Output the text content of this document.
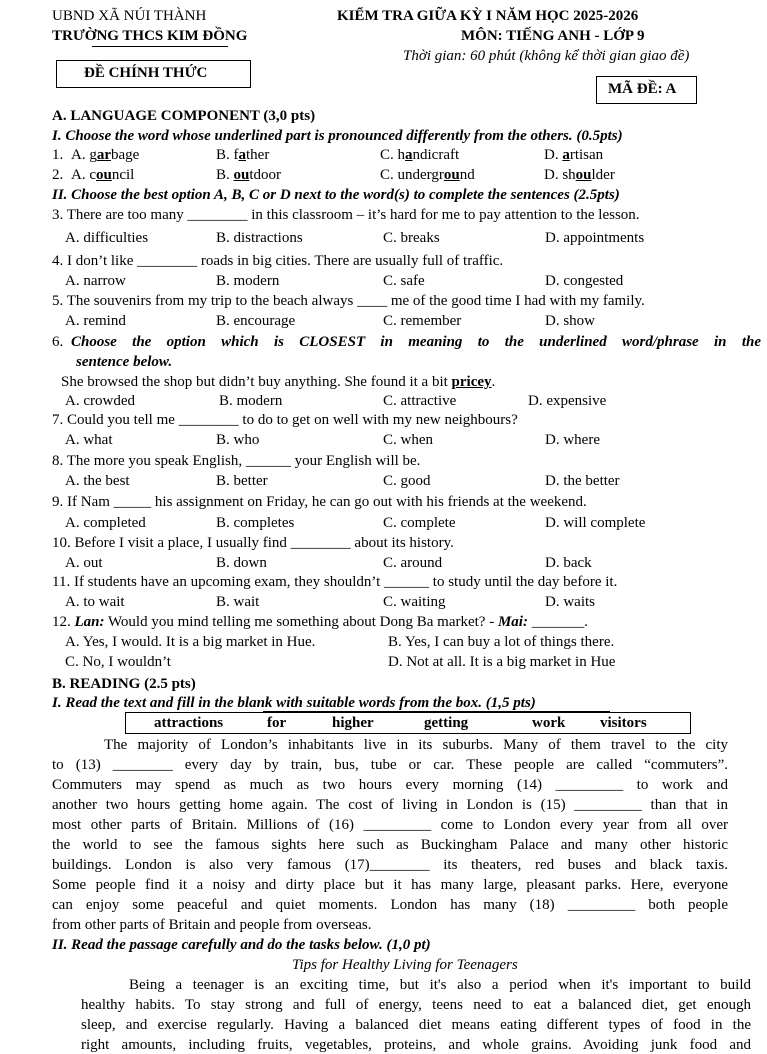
UBND XÃ NÚI THÀNH
TRƯỜNG THCS KIM ĐỒNG
KIỂM TRA GIỮA KỲ I NĂM HỌC 2025-2026
MÔN: TIẾNG ANH - LỚP 9
Thời gian: 60 phút (không kể thời gian giao đề)
ĐỀ CHÍNH THỨC
MÃ ĐỀ: A
A. LANGUAGE COMPONENT (3,0 pts)
I. Choose the word whose underlined part is pronounced differently from the others. (0.5pts)
1. A. garbage	B. father	C. handicraft	D. artisan
2. A. council	B. outdoor	C. underground	D. shoulder
II. Choose the best option A, B, C or D next to the word(s) to complete the sentences (2.5pts)
3. There are too many ________ in this classroom – it’s hard for me to pay attention to the lesson.
A. difficulties	B. distractions	C. breaks	D. appointments
4. I don’t like ________ roads in big cities. There are usually full of traffic.
A. narrow	B. modern	C. safe	D. congested
5. The souvenirs from my trip to the beach always ____ me of the good time I had with my family.
A. remind	B. encourage	C. remember	D. show
6. Choose the option which is CLOSEST in meaning to the underlined word/phrase in the
sentence below.
She browsed the shop but didn’t buy anything. She found it a bit pricey.
A. crowded	B. modern	C. attractive	D. expensive
7. Could you tell me ________ to do to get on well with my new neighbours?
A. what	B. who	C. when	D. where
8. The more you speak English, ______ your English will be.
A. the best	B. better	C. good	D. the better
9. If Nam _____ his assignment on Friday, he can go out with his friends at the weekend.
A. completed	B. completes	C. complete	D. will complete
10. Before I visit a place, I usually find ________ about its history.
A. out	B. down	C. around	D. back
11. If students have an upcoming exam, they shouldn’t ______ to study until the day before it.
A. to wait	B. wait	C. waiting	D. waits
12. Lan: Would you mind telling me something about Dong Ba market? - Mai: _______.
A. Yes, I would. It is a big market in Hue.	B. Yes, I can buy a lot of things there.
C. No, I wouldn’t	D. Not at all. It is a big market in Hue
B. READING (2.5 pts)
I. Read the text and fill in the blank with suitable words from the box. (1,5 pts)
attractions	for	higher	getting	work visitors
The majority of London’s inhabitants live in its suburbs. Many of them travel to the city
to (13) ________ every day by train, bus, tube or car. These people are called “commuters”.
Commuters may spend as much as two hours every morning (14) _________ to work and
another two hours getting home again. The cost of living in London is (15) _________ than that in
most other parts of Britain. Millions of (16) _________ come to London every year from all over
the world to see the famous sights here such as Buckingham Palace and many other historic
buildings. London is also very famous (17)________ its theaters, red buses and black taxis.
Some people find it a noisy and dirty place but it has many large, pleasant parks. Here, everyone
can enjoy some peaceful and quiet moments. London has many (18) _________ both people
from other parts of Britain and people from overseas.
II. Read the passage carefully and do the tasks below. (1,0 pt)
Tips for Healthy Living for Teenagers
Being a teenager is an exciting time, but it's also a period when it's important to build
healthy habits. To stay strong and full of energy, teens need to eat a balanced diet, get enough
sleep, and exercise regularly. Having a balanced diet means eating different types of food in the
right amounts, including fruits, vegetables, proteins, and whole grains. Avoiding junk food and
